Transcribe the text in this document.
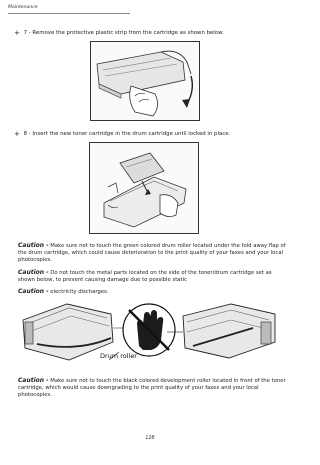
Maintenance
+ 7 - Remove the protective plastic strip from the cartridge as shown below.
+ 8 - Insert the new toner cartridge in the drum cartridge until locked in place.
Caution - Make sure not to touch the green colored drum roller located under the fold away flap of the drum cartridge, which could cause deterioration to the print quality of your faxes and your local photocopies.
Caution - Do not touch the metal parts located on the side of the toner/drum cartridge set as shown below, to prevent causing damage due to possible static
Caution - electricity discharges.
Drum roller
Caution - Make sure not to touch the black colored development roller located in front of the toner cartridge, which would cause downgrading to the print quality of your faxes and your local photocopies.
128
